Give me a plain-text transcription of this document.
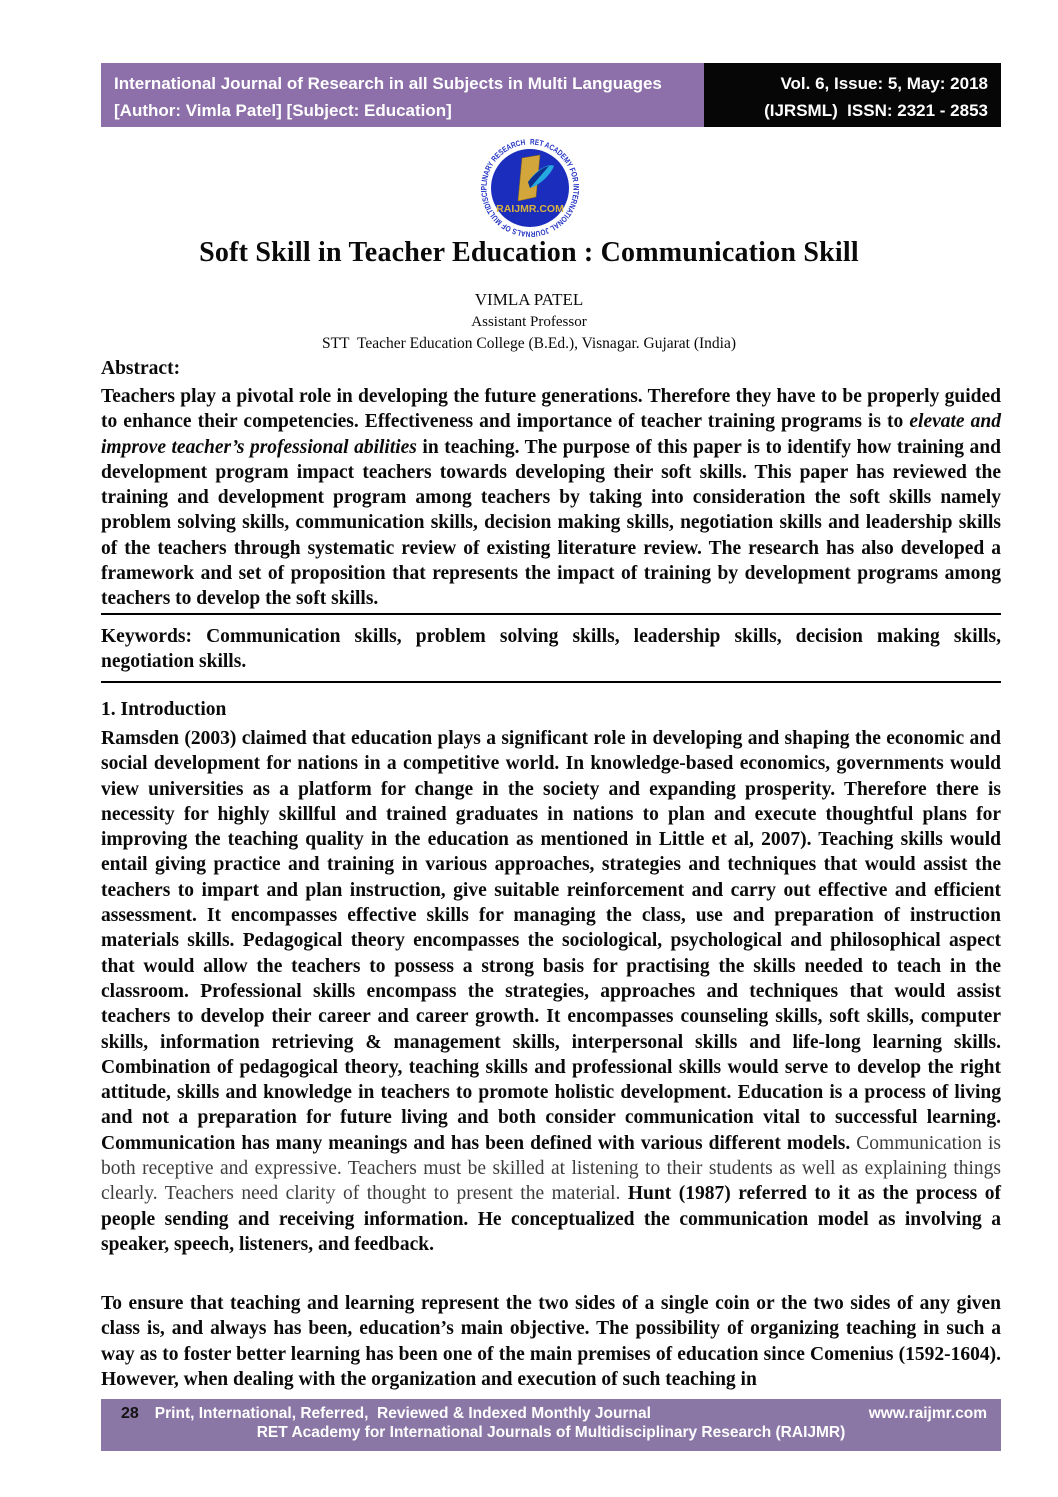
International Journal of Research in all Subjects in Multi Languages
[Author: Vimla Patel] [Subject: Education]
Vol. 6, Issue: 5, May: 2018
(IJRSML)  ISSN: 2321 - 2853
RET ACADEMY FOR INTERNATIONAL JOURNALS OF MULTIDISCIPLINARY RESEARCH
RAIJMR.COM
Soft Skill in Teacher Education : Communication Skill
VIMLA PATEL
Assistant Professor
STT  Teacher Education College (B.Ed.), Visnagar. Gujarat (India)
Abstract:

Teachers play a pivotal role in developing the future generations. Therefore they have to be properly guided to enhance their competencies. Effectiveness and importance of teacher training programs is to elevate and improve teacher’s professional abilities in teaching. The purpose of this paper is to identify how training and development program impact teachers towards developing their soft skills. This paper has reviewed the training and development program among teachers by taking into consideration the soft skills namely problem solving skills, communication skills, decision making skills, negotiation skills and leadership skills of the teachers through systematic review of existing literature review. The research has also developed a framework and set of proposition that represents the impact of training by development programs among teachers to develop the soft skills.

Keywords: Communication skills, problem solving skills, leadership skills, decision making skills, negotiation skills.

1. Introduction

Ramsden (2003) claimed that education plays a significant role in developing and shaping the economic and social development for nations in a competitive world. In knowledge-based economics, governments would view universities as a platform for change in the society and expanding prosperity. Therefore there is necessity for highly skillful and trained graduates in nations to plan and execute thoughtful plans for improving the teaching quality in the education as mentioned in Little et al, 2007). Teaching skills would entail giving practice and training in various approaches, strategies and techniques that would assist the teachers to impart and plan instruction, give suitable reinforcement and carry out effective and efficient assessment. It encompasses effective skills for managing the class, use and preparation of instruction materials skills. Pedagogical theory encompasses the sociological, psychological and philosophical aspect that would allow the teachers to possess a strong basis for practising the skills needed to teach in the classroom. Professional skills encompass the strategies, approaches and techniques that would assist teachers to develop their career and career growth. It encompasses counseling skills, soft skills, computer skills, information retrieving & management skills, interpersonal skills and life-long learning skills. Combination of pedagogical theory, teaching skills and professional skills would serve to develop the right attitude, skills and knowledge in teachers to promote holistic development. Education is a process of living and not a preparation for future living and both consider communication vital to successful learning. Communication has many meanings and has been defined with various different models. Communication is both receptive and expressive. Teachers must be skilled at listening to their students as well as explaining things clearly. Teachers need clarity of thought to present the material. Hunt (1987) referred to it as the process of people sending and receiving information. He conceptualized the communication model as involving a speaker, speech, listeners, and feedback.

To ensure that teaching and learning represent the two sides of a single coin or the two sides of any given class is, and always has been, education’s main objective. The possibility of organizing teaching in such a way as to foster better learning has been one of the main premises of education since Comenius (1592-1604). However, when dealing with the organization and execution of such teaching in

28 Print, International, Referred,  Reviewed & Indexed Monthly Journal	www.raijmr.com
RET Academy for International Journals of Multidisciplinary Research (RAIJMR)
